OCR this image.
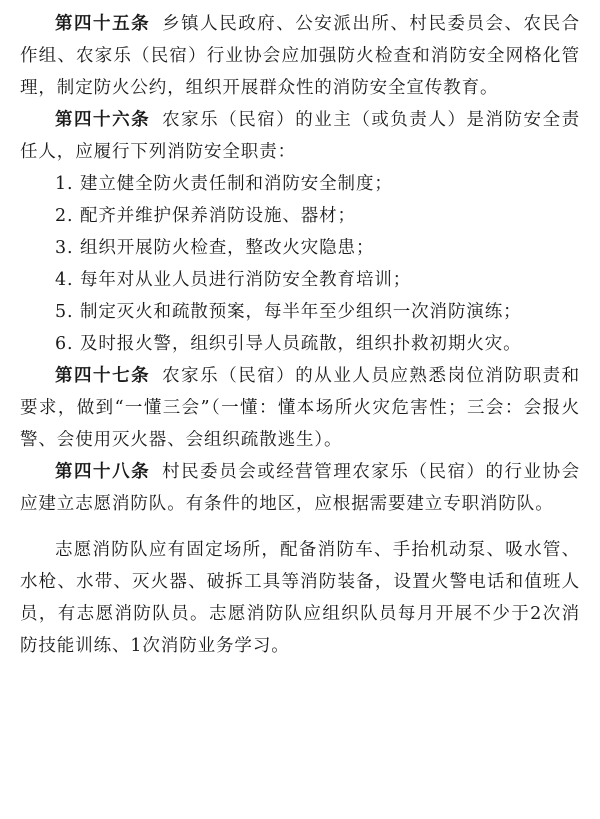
第四十五条 乡镇人民政府、公安派出所、村民委员会、农民合作组、农家乐（民宿）行业协会应加强防火检查和消防安全网格化管理，制定防火公约，组织开展群众性的消防安全宣传教育。

第四十六条 农家乐（民宿）的业主（或负责人）是消防安全责任人，应履行下列消防安全职责：

1. 建立健全防火责任制和消防安全制度；

2. 配齐并维护保养消防设施、器材；

3. 组织开展防火检查，整改火灾隐患；

4. 每年对从业人员进行消防安全教育培训；

5. 制定灭火和疏散预案，每半年至少组织一次消防演练；

6. 及时报火警，组织引导人员疏散，组织扑救初期火灾。

第四十七条 农家乐（民宿）的从业人员应熟悉岗位消防职责和要求，做到“一懂三会”（一懂：懂本场所火灾危害性；三会：会报火警、会使用灭火器、会组织疏散逃生）。

第四十八条 村民委员会或经营管理农家乐（民宿）的行业协会应建立志愿消防队。有条件的地区，应根据需要建立专职消防队。

志愿消防队应有固定场所，配备消防车、手抬机动泵、吸水管、水枪、水带、灭火器、破拆工具等消防装备，设置火警电话和值班人员，有志愿消防队员。志愿消防队应组织队员每月开展不少于2次消防技能训练、1次消防业务学习。
